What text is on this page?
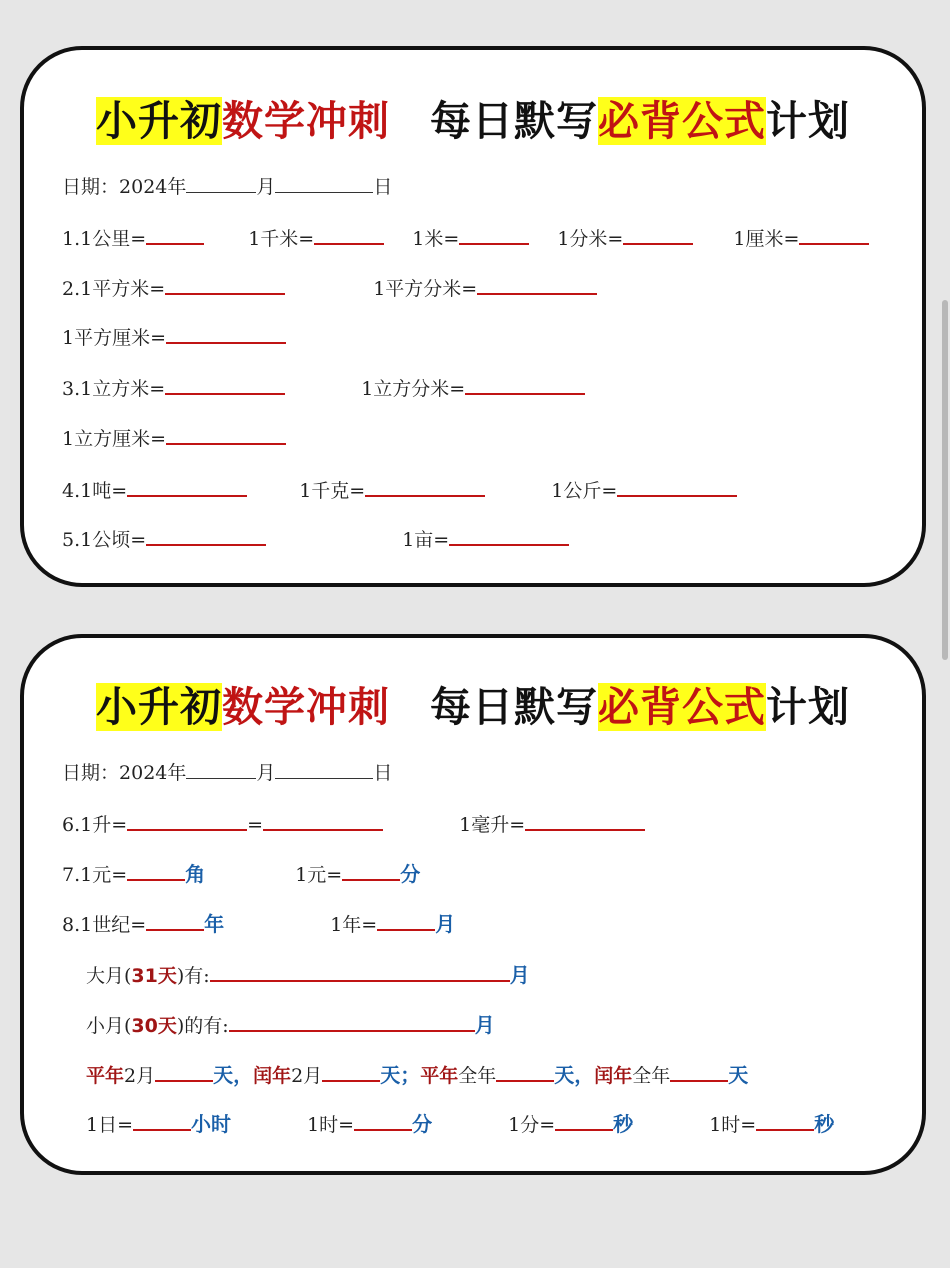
小升初数学冲刺 每日默写必背公式计划
日期：2024年	月	日
1.1公里=	1千米=	1米=	1分米=	1厘米=
2.1平方米=	1平方分米=
1平方厘米=
3.1立方米=	1立方分米=
1立方厘米=
4.1吨=	1千克=	1公斤=
5.1公顷=	1亩=
小升初数学冲刺 每日默写必背公式计划
日期：2024年	月	日
6.1升=	=	1毫升=
7.1元=	角	1元=	分
8.1世纪=	年	1年=	月
大月(31天)有:	月
小月(30天)的有:	月
平年2月	天，闰年2月	天；平年全年	天，闰年全年	天
1日=	小时	1时=	分	1分=	秒	1时=	秒
